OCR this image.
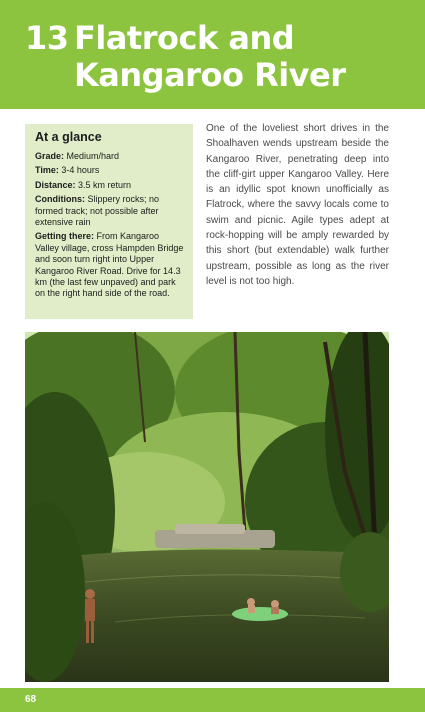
13 Flatrock and
Kangaroo River
At a glance

Grade: Medium/hard

Time: 3-4 hours

Distance: 3.5 km return

Conditions: Slippery rocks; no formed track; not possible after extensive rain

Getting there: From Kangaroo Valley village, cross Hampden Bridge and soon turn right into Upper Kangaroo River Road. Drive for 14.3 km (the last few unpaved) and park on the right hand side of the road.

One of the loveliest short drives in the Shoalhaven wends upstream beside the Kangaroo River, penetrating deep into the cliff-girt upper Kangaroo Valley. Here is an idyllic spot known unofficially as Flatrock, where the savvy locals come to swim and picnic. Agile types adept at rock-hopping will be amply rewarded by this short (but extendable) walk further upstream, possible as long as the river level is not too high.

68
